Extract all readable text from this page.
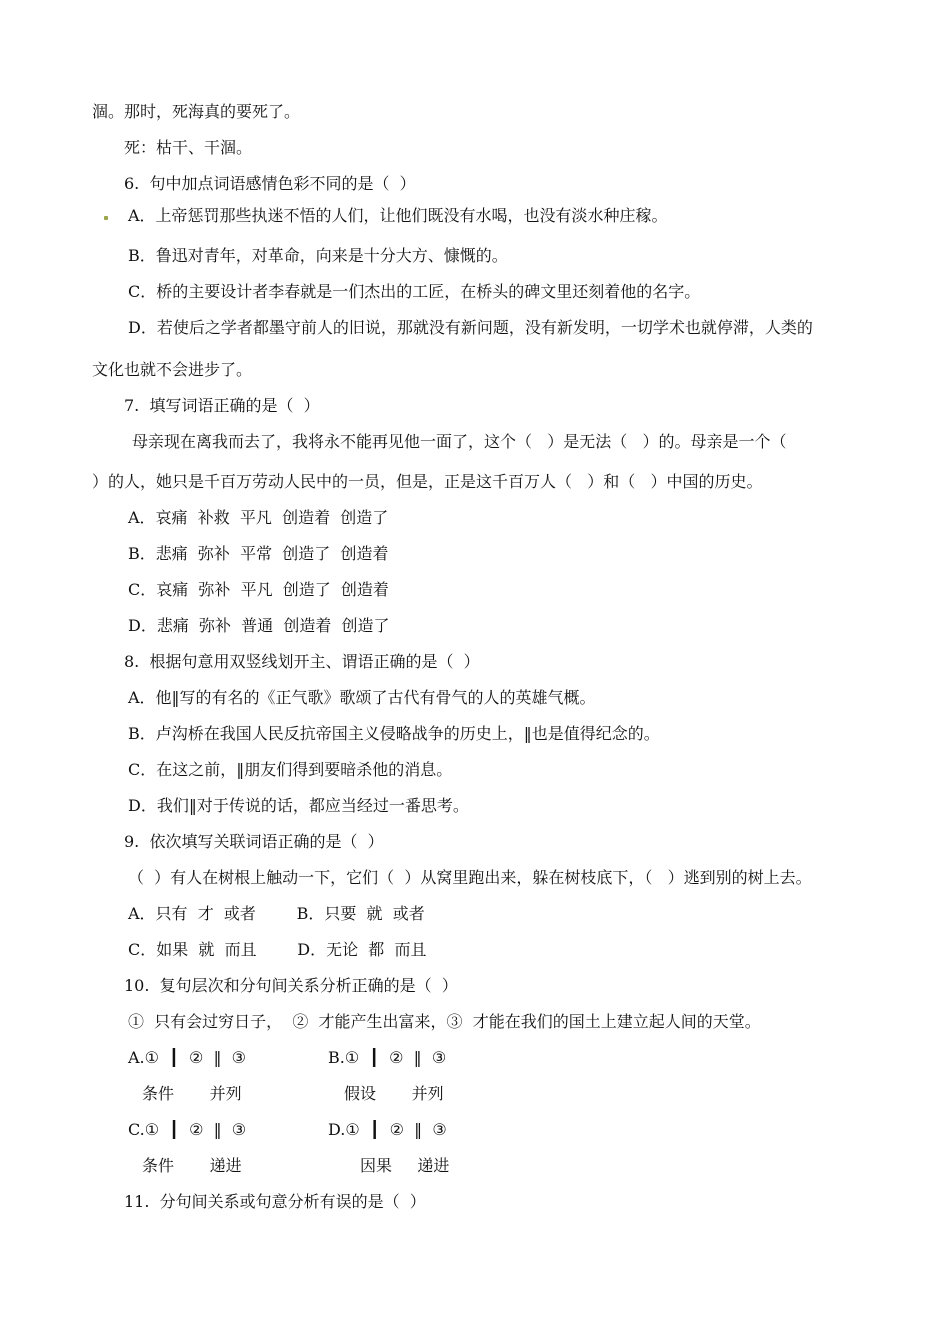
涸。那时，死海真的要死了。

死：枯干、干涸。

6.  句中加点词语感情色彩不同的是（  ）

A．上帝惩罚那些执迷不悟的人们，让他们既没有水喝，也没有淡水种庄稼。

B．鲁迅对青年，对革命，向来是十分大方、慷慨的。

C．桥的主要设计者李春就是一们杰出的工匠，在桥头的碑文里还刻着他的名字。

D．若使后之学者都墨守前人的旧说，那就没有新问题，没有新发明，一切学术也就停滞，人类的

文化也就不会进步了。

7.  填写词语正确的是（  ）

母亲现在离我而去了，我将永不能再见他一面了，这个（   ）是无法（   ）的。母亲是一个（

）的人，她只是千百万劳动人民中的一员，但是，正是这千百万人（   ）和（   ）中国的历史。

A．哀痛  补救  平凡  创造着  创造了

B．悲痛  弥补  平常  创造了  创造着

C．哀痛  弥补  平凡  创造了  创造着

D．悲痛  弥补  普通  创造着  创造了

8.  根据句意用双竖线划开主、谓语正确的是（  ）

A．他‖写的有名的《正气歌》歌颂了古代有骨气的人的英雄气概。

B．卢沟桥在我国人民反抗帝国主义侵略战争的历史上，‖也是值得纪念的。

C．在这之前，‖朋友们得到要暗杀他的消息。

D．我们‖对于传说的话，都应当经过一番思考。

9.  依次填写关联词语正确的是（  ）

（  ）有人在树根上触动一下，它们（  ）从窝里跑出来，躲在树枝底下，（   ）逃到别的树上去。

A．只有  才  或者        B．只要  就  或者

C．如果  就  而且        D．无论  都  而且

10.  复句层次和分句间关系分析正确的是（  ）

①  只有会过穷日子，  ②  才能产生出富来，③  才能在我们的国土上建立起人间的天堂。

A.①  ┃  ②  ‖  ③	B.①  ┃  ②  ‖  ③

条件       并列	假设       并列

C.①  ┃  ②  ‖  ③	D.①  ┃  ②  ‖  ③

条件       递进	因果     递进

11.  分句间关系或句意分析有误的是（  ）
